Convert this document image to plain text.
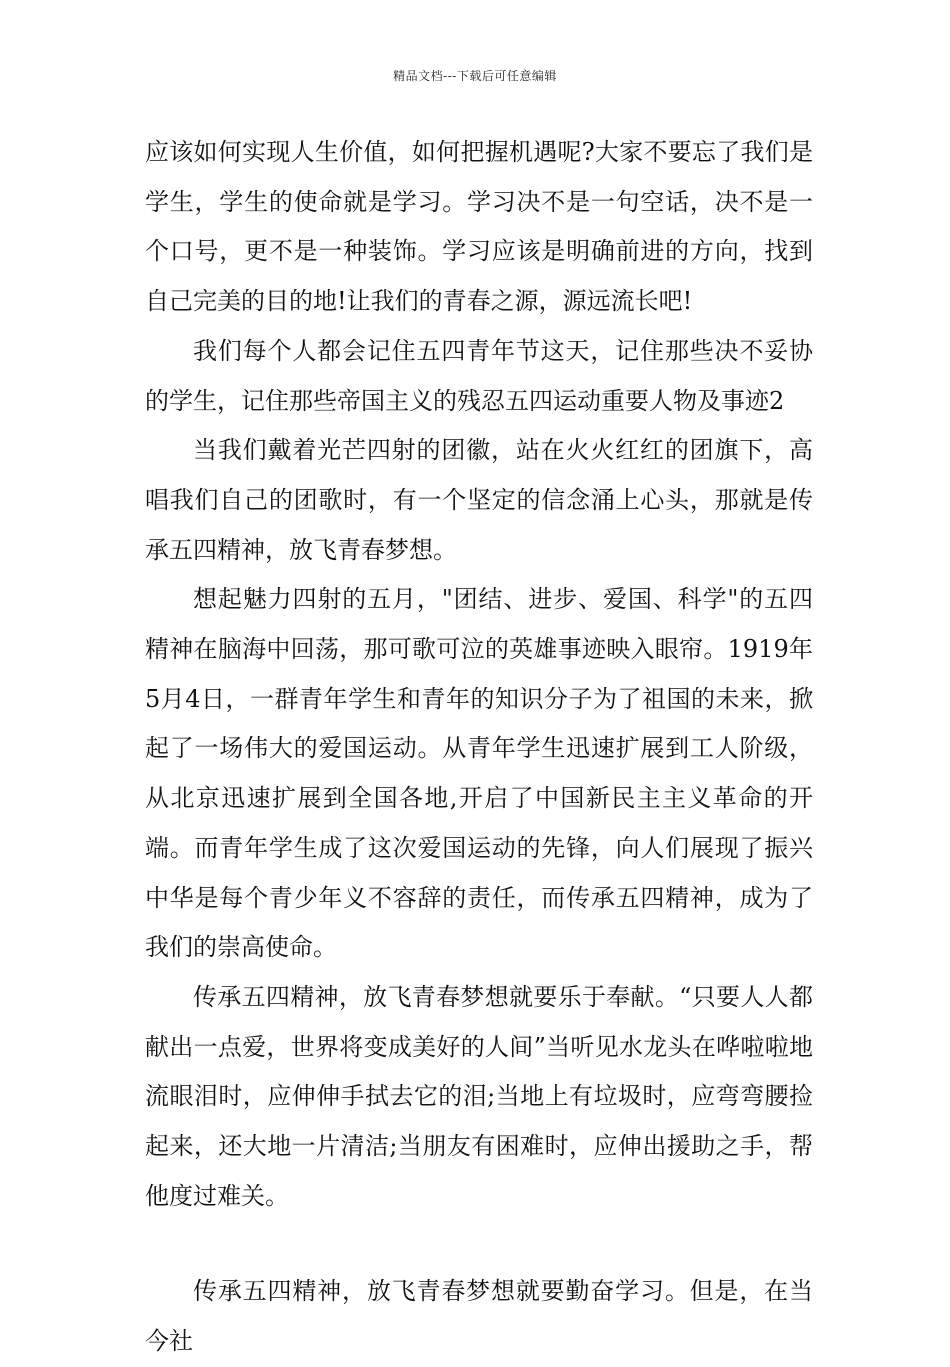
精品文档---下载后可任意编辑

应该如何实现人生价值，如何把握机遇呢?大家不要忘了我们是学生，学生的使命就是学习。学习决不是一句空话，决不是一个口号，更不是一种装饰。学习应该是明确前进的方向，找到自己完美的目的地!让我们的青春之源，源远流长吧!

我们每个人都会记住五四青年节这天，记住那些决不妥协的学生，记住那些帝国主义的残忍五四运动重要人物及事迹2

当我们戴着光芒四射的团徽，站在火火红红的团旗下，高唱我们自己的团歌时，有一个坚定的信念涌上心头，那就是传承五四精神，放飞青春梦想。

想起魅力四射的五月，"团结、进步、爱国、科学"的五四精神在脑海中回荡，那可歌可泣的英雄事迹映入眼帘。1919年5月4日，一群青年学生和青年的知识分子为了祖国的未来，掀起了一场伟大的爱国运动。从青年学生迅速扩展到工人阶级，从北京迅速扩展到全国各地,开启了中国新民主主义革命的开端。而青年学生成了这次爱国运动的先锋，向人们展现了振兴中华是每个青少年义不容辞的责任，而传承五四精神，成为了我们的崇高使命。

传承五四精神，放飞青春梦想就要乐于奉献。“只要人人都献出一点爱，世界将变成美好的人间”当听见水龙头在哗啦啦地流眼泪时，应伸伸手拭去它的泪;当地上有垃圾时，应弯弯腰捡起来，还大地一片清洁;当朋友有困难时，应伸出援助之手，帮他度过难关。

传承五四精神，放飞青春梦想就要勤奋学习。但是，在当今社
